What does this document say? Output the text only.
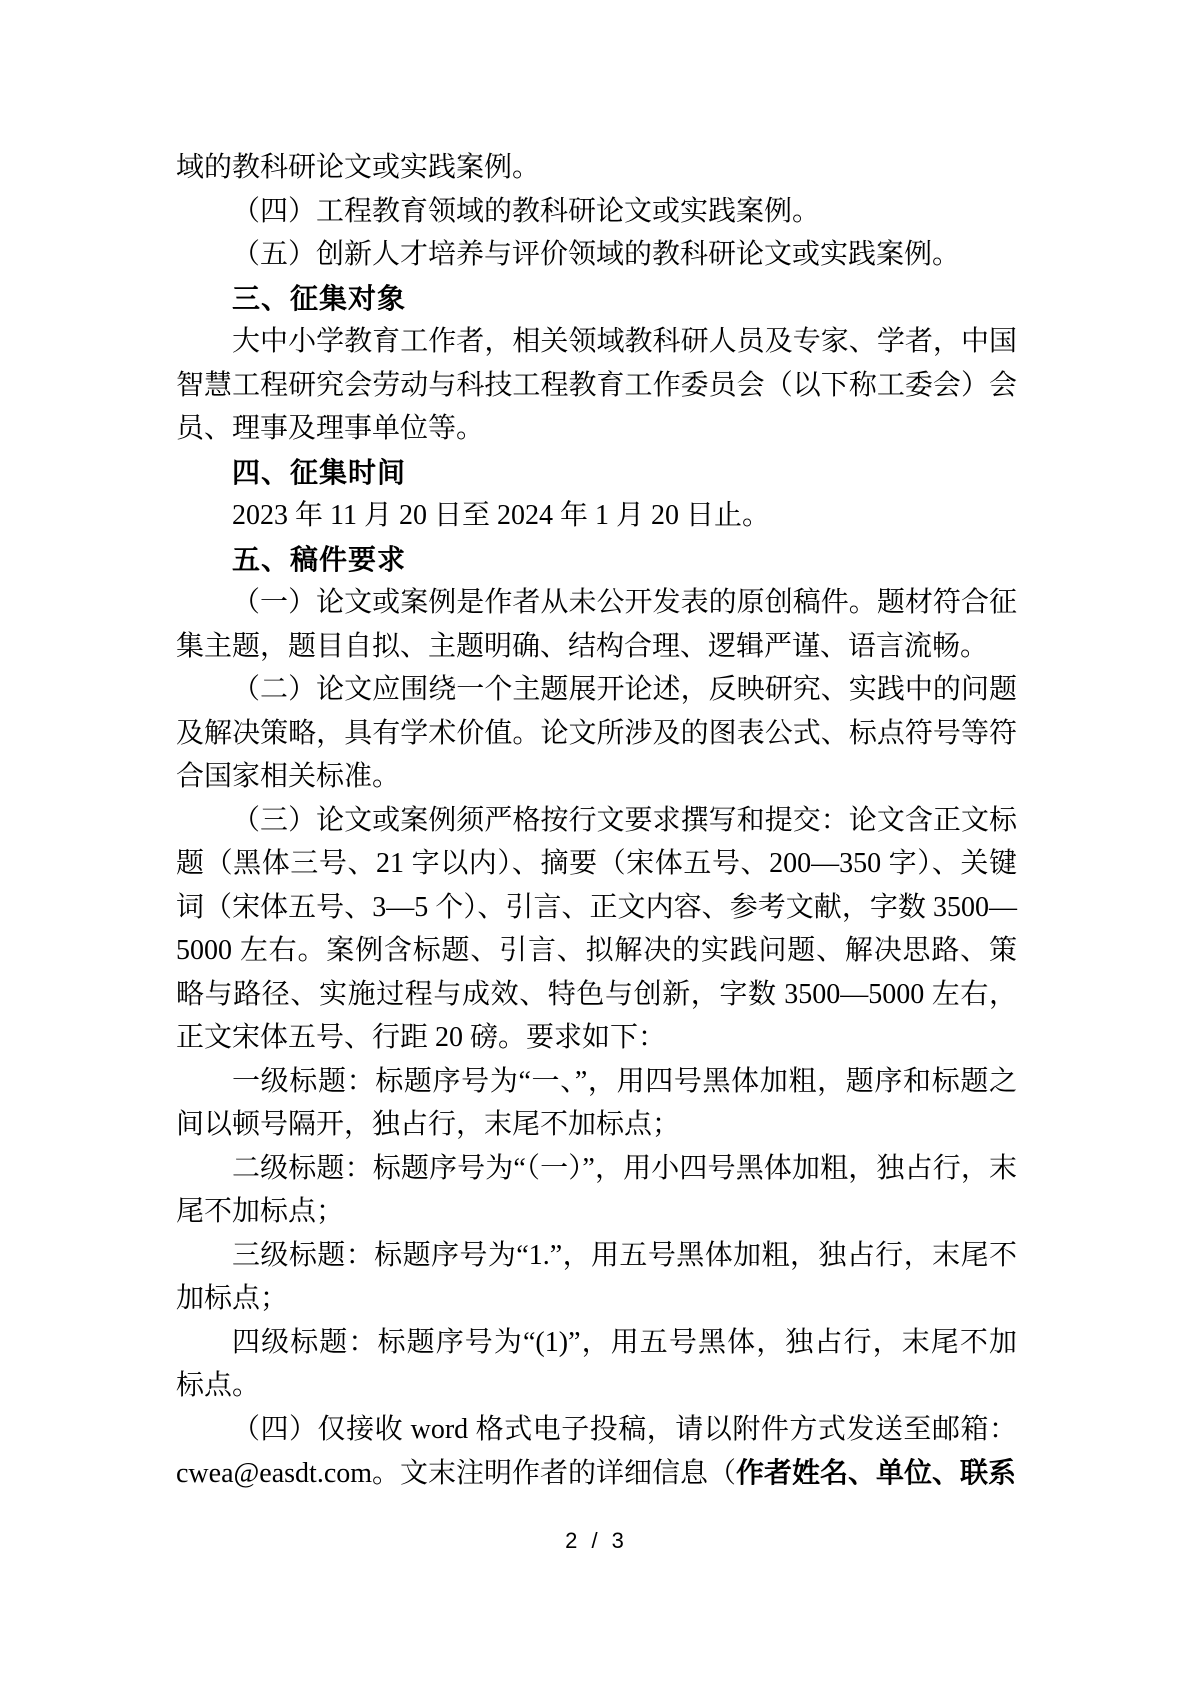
域的教科研论文或实践案例。

（四）工程教育领域的教科研论文或实践案例。

（五）创新人才培养与评价领域的教科研论文或实践案例。

三、征集对象

大中小学教育工作者，相关领域教科研人员及专家、学者，中国智慧工程研究会劳动与科技工程教育工作委员会（以下称工委会）会员、理事及理事单位等。

四、征集时间

2023 年 11 月 20 日至 2024 年 1 月 20 日止。

五、稿件要求

（一）论文或案例是作者从未公开发表的原创稿件。题材符合征集主题，题目自拟、主题明确、结构合理、逻辑严谨、语言流畅。

（二）论文应围绕一个主题展开论述，反映研究、实践中的问题及解决策略，具有学术价值。论文所涉及的图表公式、标点符号等符合国家相关标准。

（三）论文或案例须严格按行文要求撰写和提交：论文含正文标题（黑体三号、21 字以内）、摘要（宋体五号、200—350 字）、关键词（宋体五号、3—5 个）、引言、正文内容、参考文献，字数 3500—5000 左右。案例含标题、引言、拟解决的实践问题、解决思路、策略与路径、实施过程与成效、特色与创新，字数 3500—5000 左右，正文宋体五号、行距 20 磅。要求如下：

一级标题：标题序号为“一、”，用四号黑体加粗，题序和标题之间以顿号隔开，独占行，末尾不加标点；

二级标题：标题序号为“（一）”，用小四号黑体加粗，独占行，末尾不加标点；

三级标题：标题序号为“1.”，用五号黑体加粗，独占行，末尾不加标点；

四级标题：标题序号为“(1)”，用五号黑体，独占行，末尾不加标点。

（四）仅接收 word 格式电子投稿，请以附件方式发送至邮箱：cwea@easdt.com。文末注明作者的详细信息（作者姓名、单位、联系

2 / 3
